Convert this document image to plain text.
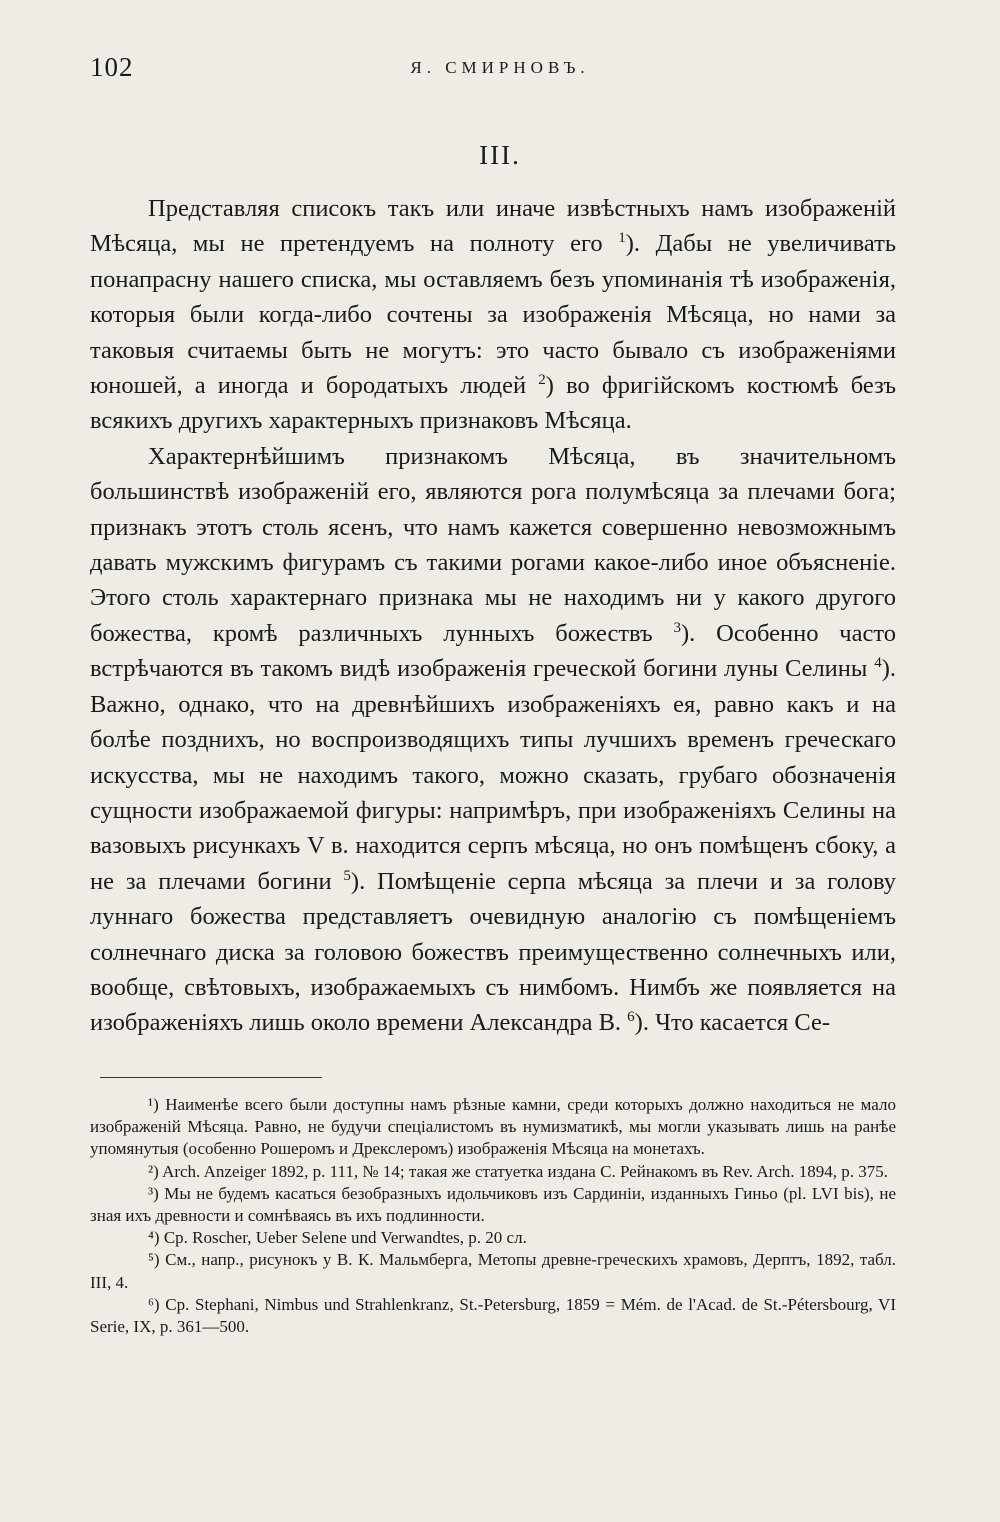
102	Я. СМИРНОВЪ.
III.

Представляя списокъ такъ или иначе извѣстныхъ намъ изображеній Мѣсяца, мы не претендуемъ на полноту его $^1$). Дабы не увеличивать понапрасну нашего списка, мы оставляемъ безъ упоминанія тѣ изображенія, которыя были когда-либо сочтены за изображенія Мѣсяца, но нами за таковыя считаемы быть не могутъ: это часто бывало съ изображеніями юношей, а иногда и бородатыхъ людей $^2$) во фригійскомъ костюмѣ безъ всякихъ другихъ характерныхъ признаковъ Мѣсяца.

Характернѣйшимъ признакомъ Мѣсяца, въ значительномъ большинствѣ изображеній его, являются рога полумѣсяца за плечами бога; признакъ этотъ столь ясенъ, что намъ кажется совершенно невозможнымъ давать мужскимъ фигурамъ съ такими рогами какое-либо иное объясненіе. Этого столь характернаго признака мы не находимъ ни у какого другого божества, кромѣ различныхъ лунныхъ божествъ $^3$). Особенно часто встрѣчаются въ такомъ видѣ изображенія греческой богини луны Селины $^4$). Важно, однако, что на древнѣйшихъ изображеніяхъ ея, равно какъ и на болѣе позднихъ, но воспроизводящихъ типы лучшихъ временъ греческаго искусства, мы не находимъ такого, можно сказать, грубаго обозначенія сущности изображаемой фигуры: напримѣръ, при изображеніяхъ Селины на вазовыхъ рисункахъ V в. находится серпъ мѣсяца, но онъ помѣщенъ сбоку, а не за плечами богини $^5$). Помѣщеніе серпа мѣсяца за плечи и за голову луннаго божества представляетъ очевидную аналогію съ помѣщеніемъ солнечнаго диска за головою божествъ преимущественно солнечныхъ или, вообще, свѣтовыхъ, изображаемыхъ съ нимбомъ. Нимбъ же появляется на изображеніяхъ лишь около времени Александра В. $^6$). Что касается Се-

¹) Наименѣе всего были доступны намъ рѣзные камни, среди которыхъ должно находиться не мало изображеній Мѣсяца. Равно, не будучи спеціалистомъ въ нумизматикѣ, мы могли указывать лишь на ранѣе упомянутыя (особенно Рошеромъ и Дрекслеромъ) изображенія Мѣсяца на монетахъ.

²) Arch. Anzeiger 1892, p. 111, № 14; такая же статуетка издана С. Рейнакомъ въ Rev. Arch. 1894, p. 375.

³) Мы не будемъ касаться безобразныхъ идольчиковъ изъ Сардиніи, изданныхъ Гиньо (pl. LVI bis), не зная ихъ древности и сомнѣваясь въ ихъ подлинности.

⁴) Ср. Roscher, Ueber Selene und Verwandtes, p. 20 сл.

⁵) См., напр., рисунокъ у В. К. Мальмберга, Метопы древне-греческихъ храмовъ, Дерптъ, 1892, табл. III, 4.

⁶) Ср. Stephani, Nimbus und Strahlenkranz, St.-Petersburg, 1859 = Mém. de l'Acad. de St.-Pétersbourg, VI Serie, IX, p. 361—500.
